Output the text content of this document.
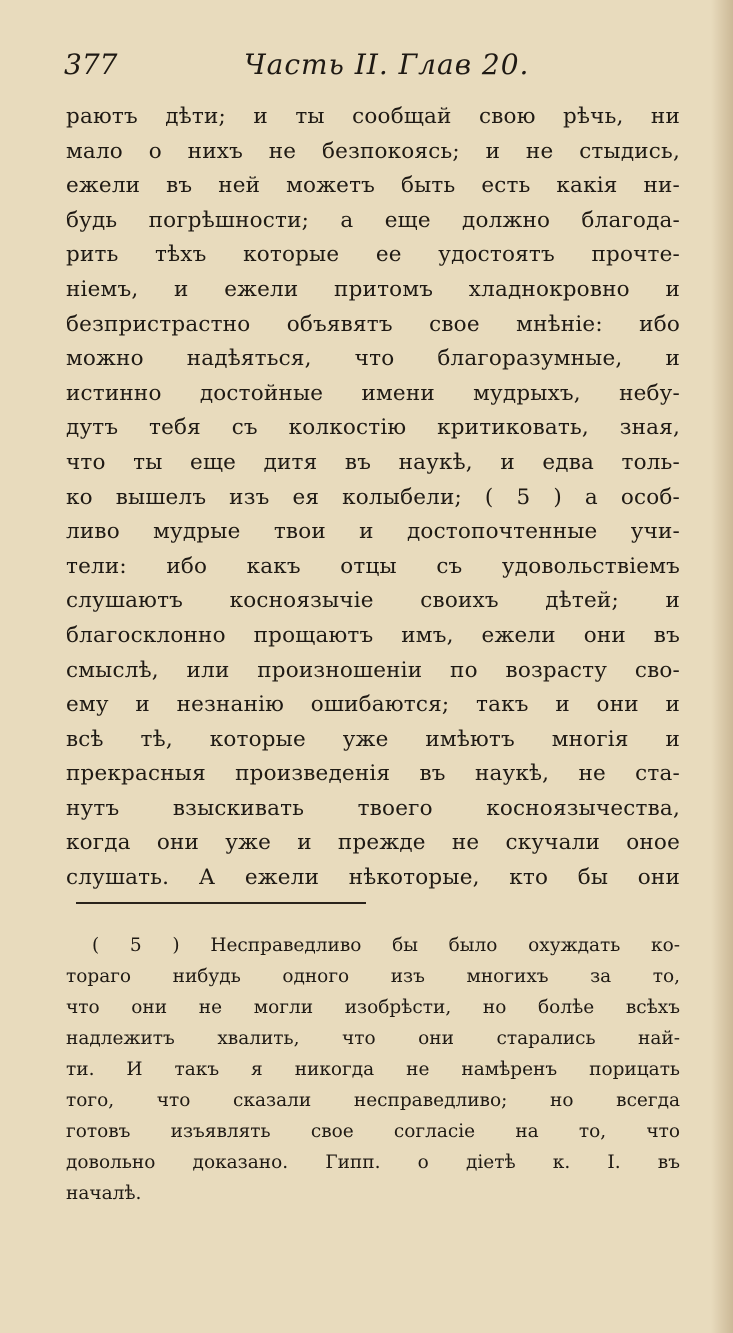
377	Часть II. Глав 20.
раютъ дѣти; и ты сообщай свою рѣчь, ни
мало о нихъ не безпокоясь; и не стыдись,
ежели въ ней можетъ быть есть какія ни-
будь погрѣшности; а еще должно благода-
рить тѣхъ которые ее удостоятъ прочте-
ніемъ, и ежели притомъ хладнокровно и
безпристрастно объявятъ свое мнѣніе: ибо
можно надѣяться, что благоразумные, и
истинно достойные имени мудрыхъ, небу-
дутъ тебя съ колкостію критиковать, зная,
что ты еще дитя въ наукѣ, и едва толь-
ко вышелъ изъ ея колыбели; ( 5 ) а особ-
ливо мудрые твои и достопочтенные учи-
тели: ибо какъ отцы съ удовольствіемъ
слушаютъ косноязычіе своихъ дѣтей; и
благосклонно прощаютъ имъ, ежели они въ
смыслѣ, или произношеніи по возрасту сво-
ему и незнанію ошибаются; такъ и они и
всѣ тѣ, которые уже имѣютъ многія и
прекрасныя произведенія въ наукѣ, не ста-
нутъ взыскивать твоего косноязычества,
когда они уже и прежде не скучали оное
слушать. А ежели нѣкоторые, кто бы они
( 5 ) Несправедливо бы было охуждать ко-
тораго нибудь одного изъ многихъ за то,
что они не могли изобрѣсти, но болѣе всѣхъ
надлежитъ хвалить, что они старались най-
ти. И такъ я никогда не намѣренъ порицать
того, что сказали несправедливо; но всегда
готовъ изъявлять свое согласіе на то, что
довольно доказано. Гипп. о діетѣ к. I. въ
началѣ.
